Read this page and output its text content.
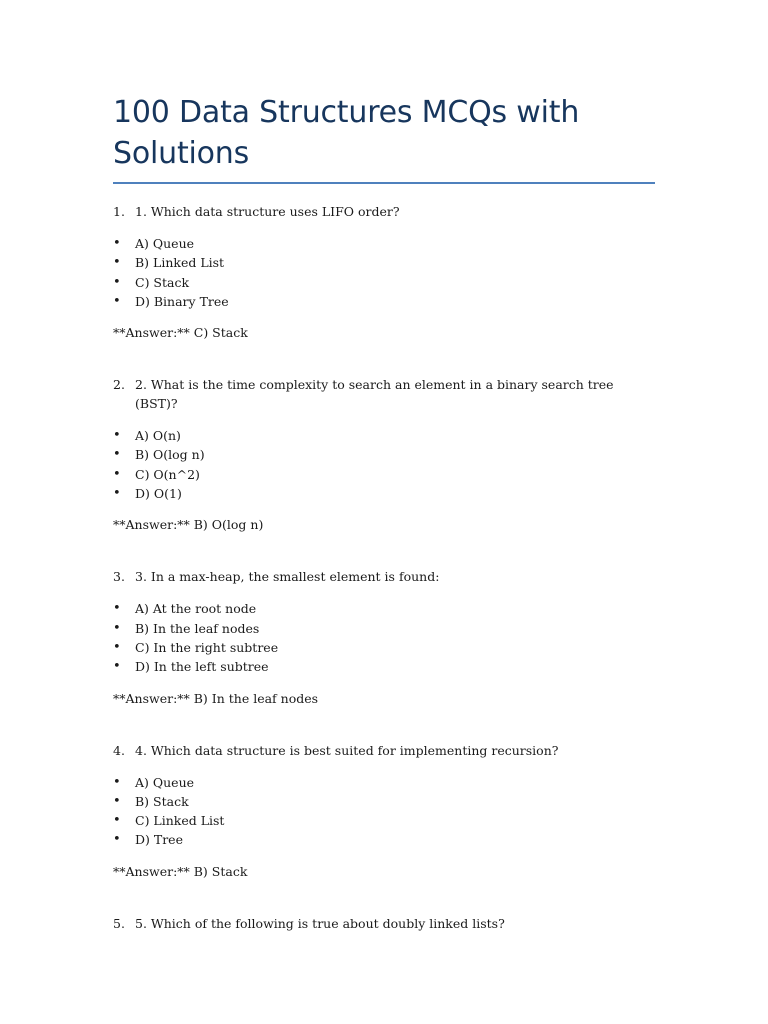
100 Data Structures MCQs with Solutions
1. 1. Which data structure uses LIFO order?
•	A) Queue
•	B) Linked List
•	C) Stack
•	D) Binary Tree
**Answer:** C) Stack
2. 2. What is the time complexity to search an element in a binary search tree (BST)?
•	A) O(n)
•	B) O(log n)
•	C) O(n^2)
•	D) O(1)
**Answer:** B) O(log n)
3. 3. In a max-heap, the smallest element is found:
•	A) At the root node
•	B) In the leaf nodes
•	C) In the right subtree
•	D) In the left subtree
**Answer:** B) In the leaf nodes
4. 4. Which data structure is best suited for implementing recursion?
•	A) Queue
•	B) Stack
•	C) Linked List
•	D) Tree
**Answer:** B) Stack
5. 5. Which of the following is true about doubly linked lists?
